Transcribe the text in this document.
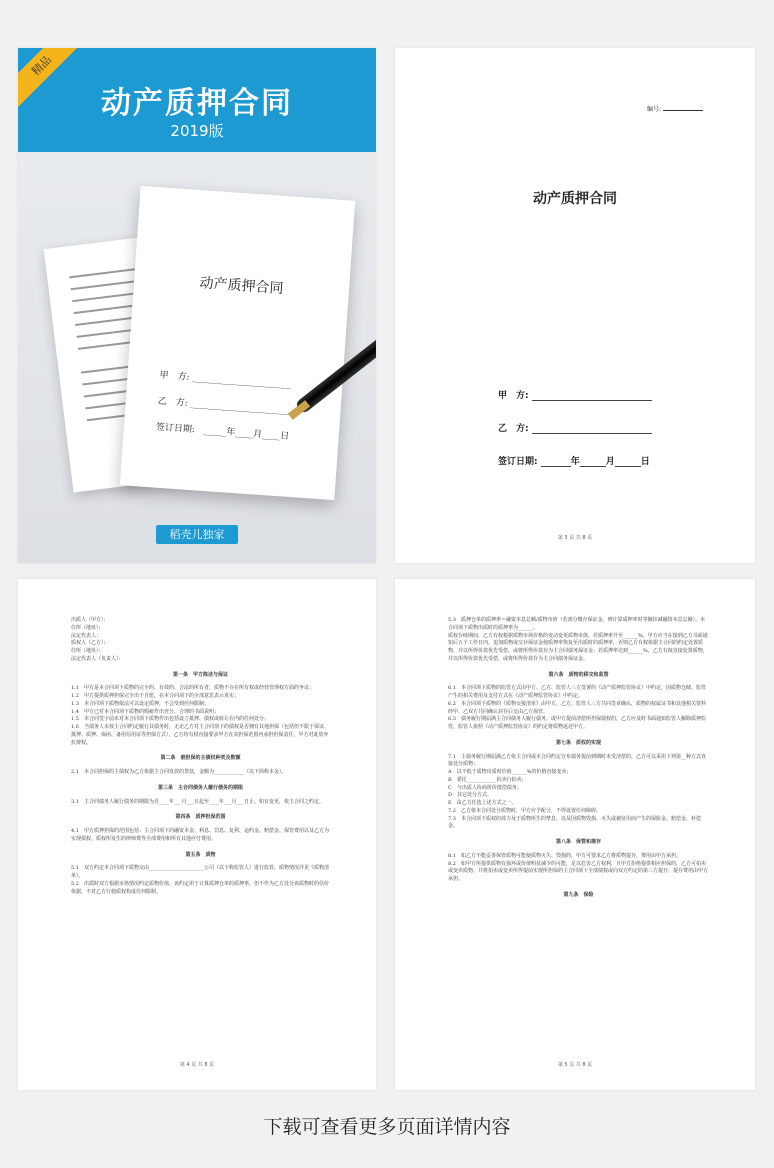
精品
动产质押合同
2019版
动产质押合同
甲　方: ______________________
乙　方: ______________________
签订日期:　_____年____月____日
稻壳儿独家
编号:
动产质押合同
甲　方:
乙　方:
签订日期:	年	月	日
第 3 页 共 8 页

出质人（甲方）：

住所（地址）：

法定代表人：

质权人（乙方）：

住所（地址）：

法定代表人（负责人）：

第一条　甲方陈述与保证

1.1　甲方是本合同项下质物的完全的、有效的、合法的所有者，质物不存在所有权或经营管理权方面的争议；

1.2　甲方提供质押担保完全出于自愿，在本合同项下的全部意思表示真实；

1.3　本合同项下质物依法可以设定质押，不会受到任何限制；

1.4　甲方已对本合同项下质物的瑕疵作出充分、合理的书面说明；

1.5　本合同签字前未对本合同项下质物作出包括设立抵押、债权或转让在内的任何处分；

1.6　当债务人未按主合同约定履行其债务时，无论乙方对主合同项下的债权是否拥有其他担保（包括但不限于保证、抵押、质押、保函、备用信用证等担保方式），乙方均有权直接要求甲方在其担保范围内承担担保责任，甲方对此放弃抗辩权。

第二条　被担保的主债权种类及数额

2.1　本合同担保的主债权为乙方依据主合同发放的贷款，金额为____________（以下简称本金）。

第三条　主合同债务人履行债务的期限

3.1　主合同债务人履行债务的期限为自____年___月___日起至____年___月___日止。如有变更，依主合同之约定。

第四条　质押担保范围

4.1　甲方质押担保的范围包括：主合同项下的融资本金、利息、罚息、复利、违约金、赔偿金、保管费用以及乙方为实现债权、质权所发生的律师费等全部费用和所有其他应付费用。

第五条　质物

5.1　双方约定本合同项下质物交由______________________公司（以下称监管人）进行监管，质物情况详见《质物清单》。

5.2　出质时双方根据市场情况约定质物价值，该约定用于计算质押仓单的质押率，但不作为乙方处分该质物时的估价依据，不对乙方行使质权构成任何限制。

第 4 页 共 8 页

5.3　质押仓单的质押率＝融资本息总额/质物市值（若部分缴存保证金，则计算质押率时等额扣减融资本息总额）。本合同项下质物出质时的质押率为______。

质权存续期间，乙方有权根据质物市场价格的变动变更质物市值，若质押率升至______%，甲方应当在接到乙方书面通知后五个工作日内，追加质物或交存保证金使质押率恢复至出质时的质押率，否则乙方有权依据主合同的约定处置质物，并以所得价款优先受偿，或将所得价款存为主合同债务保证金；若质押率达到______%，乙方有权直接处置质物，并以所得价款优先受偿，或将所得价款存为主合同债务保证金。

第六条　质物的移交和监管

6.1　本合同项下质物的监管方式由甲方、乙方、监管人三方签署的《动产质押监管协议》中约定，因质物仓储、监管产生的相关费用及支付方式在《动产质押监管协议》中约定。

6.2　本合同项下质物的《质物交接清单》由甲方、乙方、监管人三方共同签章确认，质物的权属证书和其他相关资料经甲、乙双方共同确认封存后交由乙方保管。

6.3　债务履行期届满主合同债务人履行债务，或甲方提前清偿所担保债权的，乙方应及时书面通知监管人解除质押监管，监管人依照《动产质押监管协议》的约定将质物返还甲方。

第七条　质权的实现

7.1　主债务履行期届满乙方依主合同或本合同约定宣布债务提前到期时未受清偿的，乙方可以采用下列第__种方式直接处分质物：

A　以不低于质物出质时价值______%的价格直接变卖；

B　委托____________拍卖行拍卖；

C　与出质人协商折价抵偿债务；

D　其它处分方式。

E　由乙方任选上述方式之一。

7.2　乙方依本合同处分质物时，甲方应予配合，不得设置任何障碍。

7.3　本合同项下质权的效力及于质物所生的孳息，以及因质物毁损、灭失或被征用而产生的保险金、赔偿金、补偿金。

第八条　保管和提存

8.1　如乙方不能妥善保管质物可能使质物灭失、毁损的，甲方可要求乙方将质物提存，费用由甲方承担。

8.2　如甲方所提供质物有损坏或价值明显减少的可能，足以危害乙方权利，且甲方拒绝提供相应担保的，乙方可拍卖或变卖质物，并将拍卖或变卖所得提前实现所担保的主合同项下全部债权或向双方约定的第三方提存，提存费用由甲方承担。

第九条　保险

第 5 页 共 8 页
下载可查看更多页面详情内容
